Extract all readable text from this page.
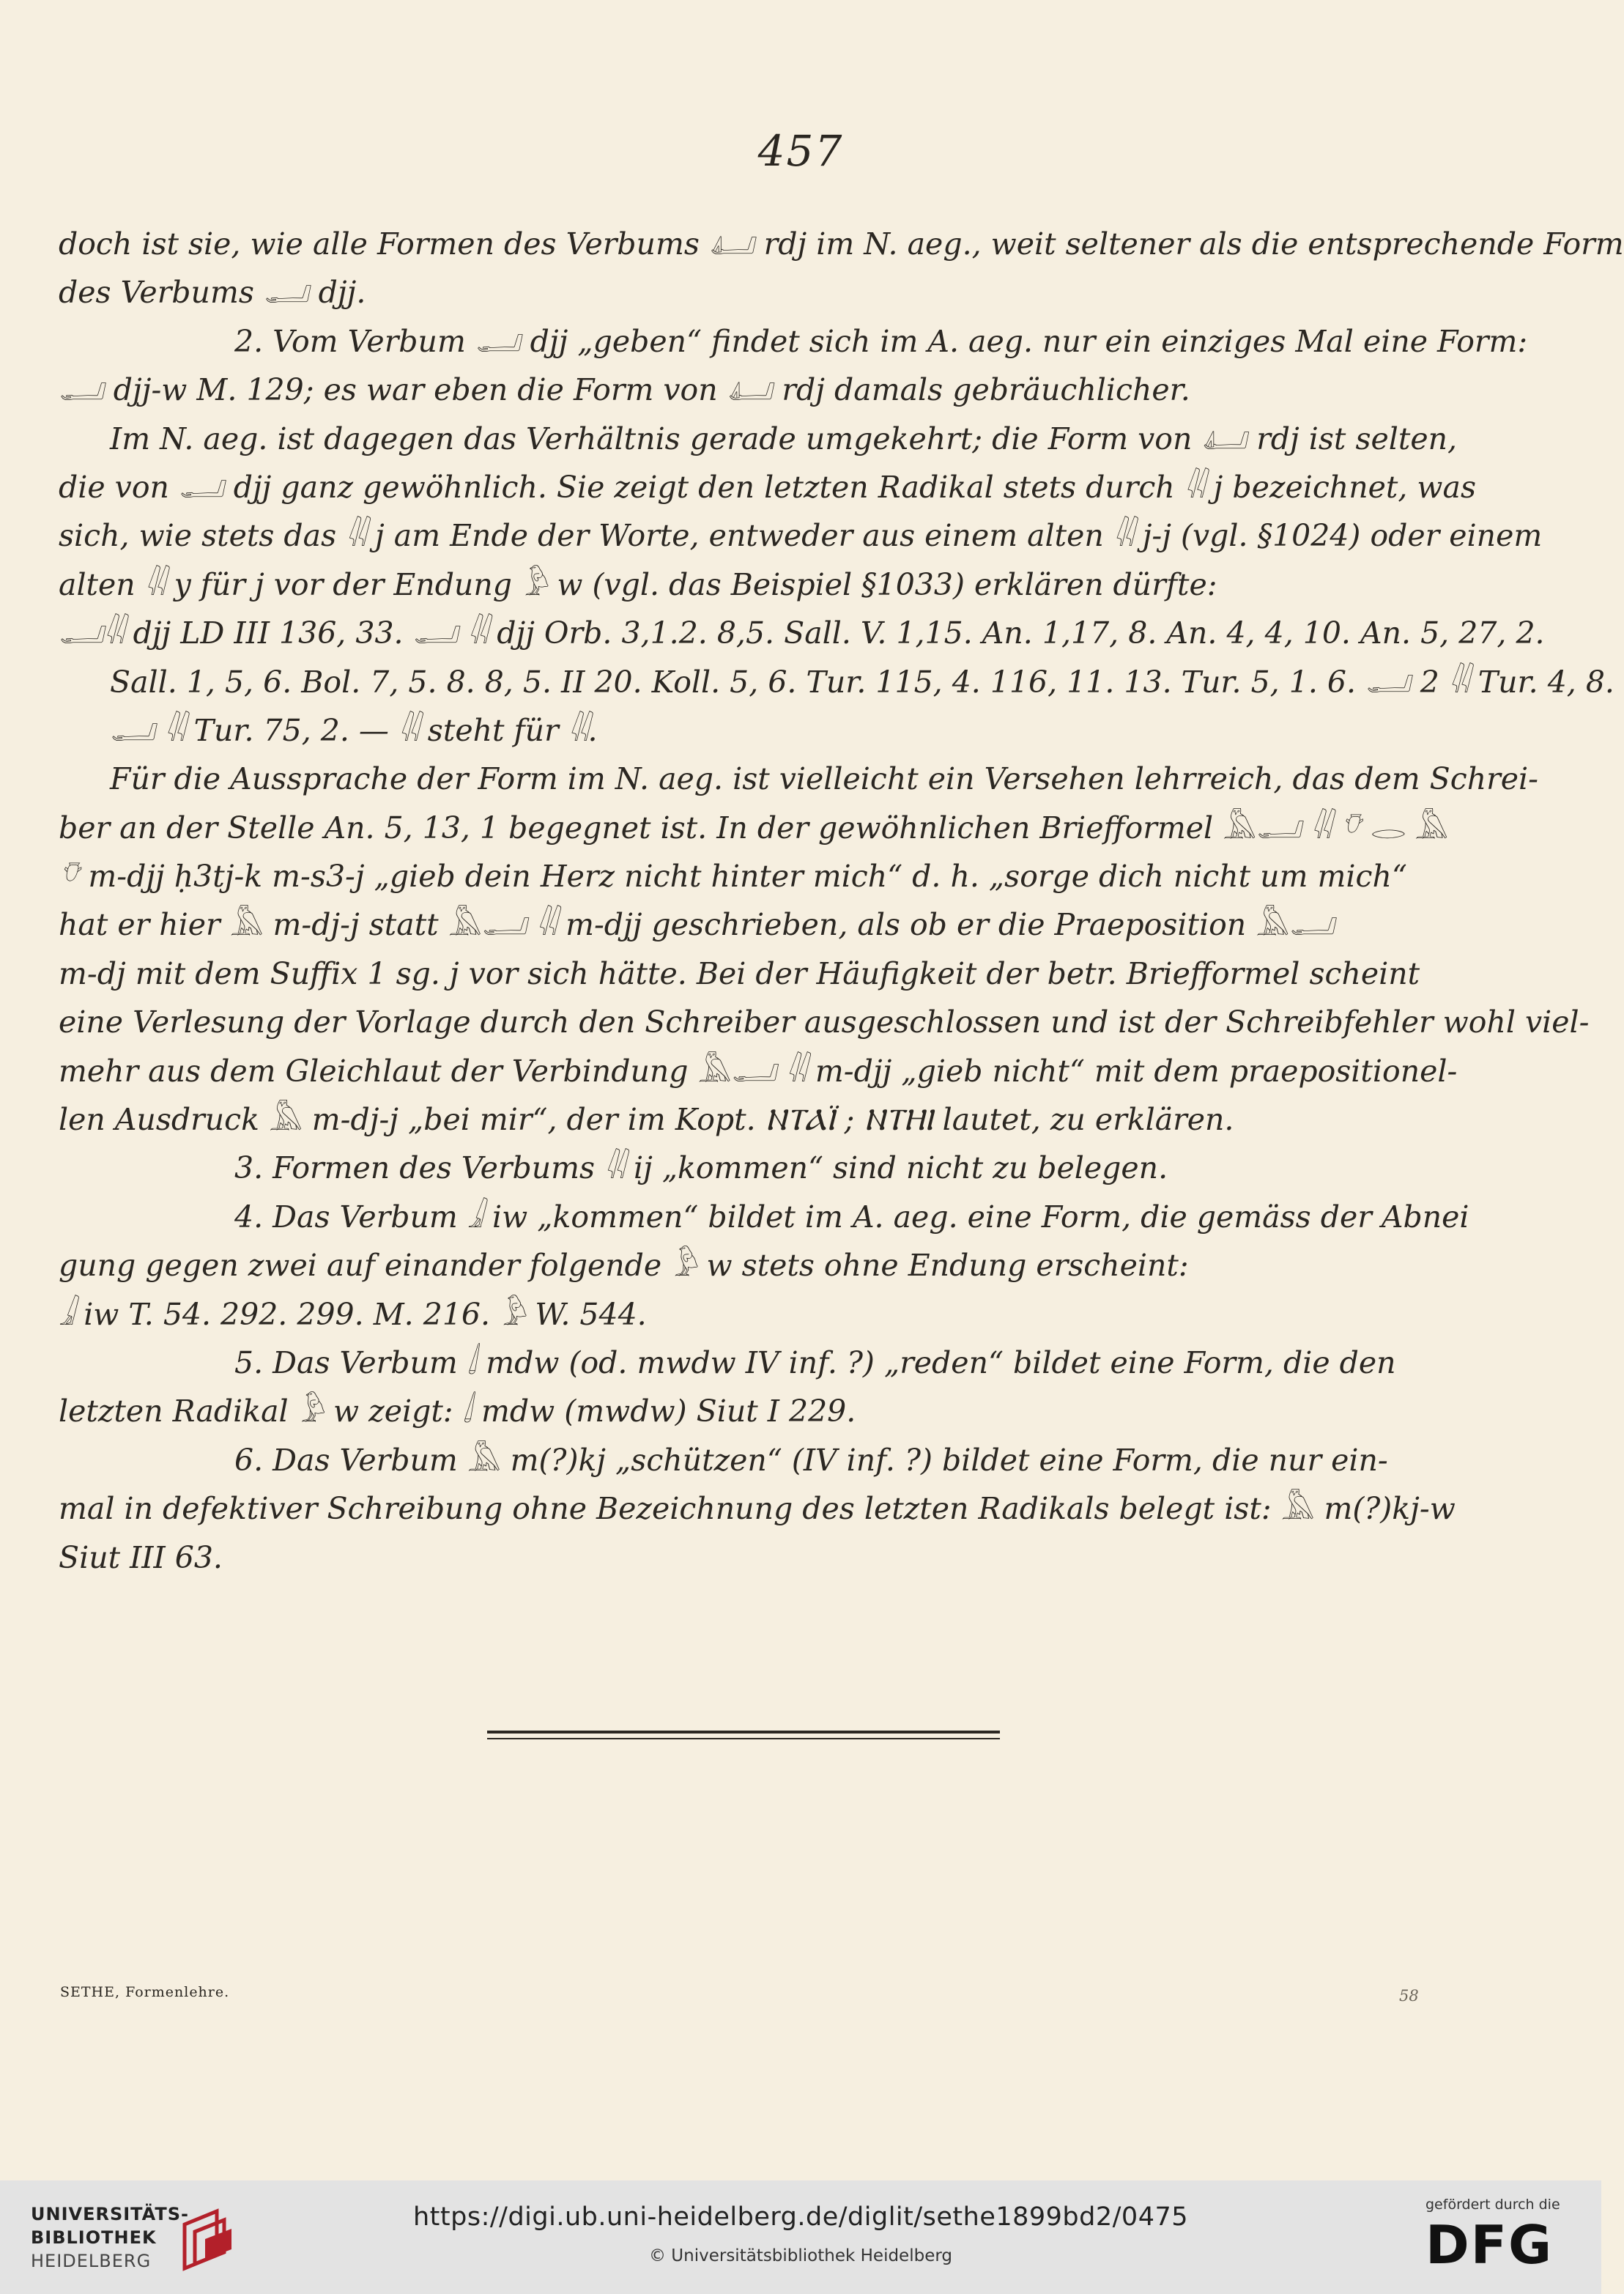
457
doch ist sie, wie alle Formen des Verbums 𓂞 rdj im N. aeg., weit seltener als die entsprechende Form
des Verbums 𓂝 djj.
2. Vom Verbum 𓂝 djj „geben“ findet sich im A. aeg. nur ein einziges Mal eine Form:
𓂝 djj-w M. 129; es war eben die Form von 𓂞 rdj damals gebräuchlicher.
Im N. aeg. ist dagegen das Verhältnis gerade umgekehrt; die Form von 𓂞 rdj ist selten,
die von 𓂝 djj ganz gewöhnlich. Sie zeigt den letzten Radikal stets durch 𓇌 j bezeichnet, was
sich, wie stets das 𓇌 j am Ende der Worte, entweder aus einem alten 𓇌 j-j (vgl. §1024) oder einem
alten 𓇌 y für j vor der Endung 𓅱 w (vgl. das Beispiel §1033) erklären dürfte:
𓂝𓇌 djj LD III 136, 33. 𓂝 𓇌 djj Orb. 3,1.2. 8,5. Sall. V. 1,15. An. 1,17, 8. An. 4, 4, 10. An. 5, 27, 2.
Sall. 1, 5, 6. Bol. 7, 5. 8. 8, 5. II 20. Koll. 5, 6. Tur. 115, 4. 116, 11. 13. Tur. 5, 1. 6. 𓂝 2 𓇌 Tur. 4, 8.
𓂝 𓇌 Tur. 75, 2. — 𓇌 steht für 𓇌.
Für die Aussprache der Form im N. aeg. ist vielleicht ein Versehen lehrreich, das dem Schrei-
ber an der Stelle An. 5, 13, 1 begegnet ist. In der gewöhnlichen Briefformel 𓅓𓂝 𓇌 𓄣 𓂋 𓅓
𓄣 m-djj ḥ3tj-k m-s3-j „gieb dein Herz nicht hinter mich“ d. h. „sorge dich nicht um mich“
hat er hier 𓅓 m-dj-j statt 𓅓𓂝 𓇌 m-djj geschrieben, als ob er die Praeposition 𓅓𓂝
m-dj mit dem Suffix 1 sg. j vor sich hätte. Bei der Häufigkeit der betr. Briefformel scheint
eine Verlesung der Vorlage durch den Schreiber ausgeschlossen und ist der Schreibfehler wohl viel-
mehr aus dem Gleichlaut der Verbindung 𓅓𓂝 𓇌 m-djj „gieb nicht“ mit dem praepositionel-
len Ausdruck 𓅓 m-dj-j „bei mir“, der im Kopt. ⲚⲦⲀⲒ̈ ; ⲚⲦⲎⲒ lautet, zu erklären.
3. Formen des Verbums 𓇌 ij „kommen“ sind nicht zu belegen.
4. Das Verbum 𓇍 iw „kommen“ bildet im A. aeg. eine Form, die gemäss der Abnei
gung gegen zwei auf einander folgende 𓅱 w stets ohne Endung erscheint:
𓇍 iw T. 54. 292. 299. M. 216. 𓅱 W. 544.
5. Das Verbum 𓌃 mdw (od. mwdw IV inf. ?) „reden“ bildet eine Form, die den
letzten Radikal 𓅱 w zeigt: 𓌃 mdw (mwdw) Siut I 229.
6. Das Verbum 𓅓 m(?)kj „schützen“ (IV inf. ?) bildet eine Form, die nur ein-
mal in defektiver Schreibung ohne Bezeichnung des letzten Radikals belegt ist: 𓅓 m(?)kj-w
Siut III 63.
SETHE, Formenlehre.	58
UNIVERSITÄTS-
BIBLIOTHEK
HEIDELBERG
https://digi.ub.uni-heidelberg.de/diglit/sethe1899bd2/0475
© Universitätsbibliothek Heidelberg
gefördert durch die
DFG
